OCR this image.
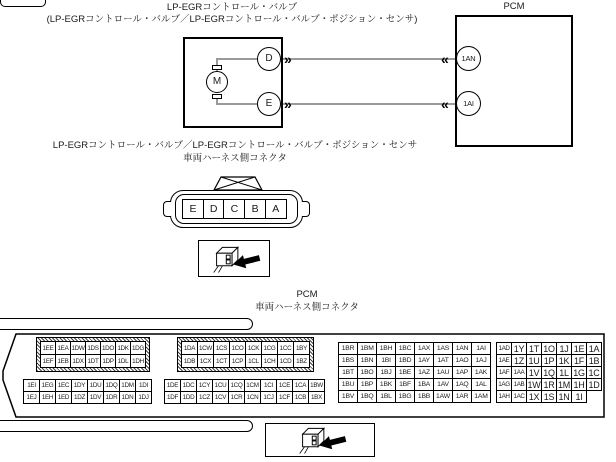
LP-EGRコントロール・バルブ
(LP-EGRコントロール・バルブ／LP-EGRコントロール・バルブ・ポジション・センサ)
PCM
M
D
E
1AN
1AI
»
»
«
«
LP-EGRコントロール・バルブ／LP-EGRコントロール・バルブ・ポジション・センサ
車両ハーネス側コネクタ
E	D	C	B	A
PCM
車両ハーネス側コネクタ
1EE 1EA 1DW 1DS 1DO 1DK 1DG
1EF 1EB 1DX 1DT 1DP 1DL 1DH
1DA 1CW 1CS 1CO 1CK 1CG 1CC 1BY
1DB 1CX 1CT 1CP 1CL 1CH 1CD 1BZ
1EI 1EG 1EC 1DY 1DU 1DQ 1DM 1DI
1EJ 1EH 1ED 1DZ 1DV 1DR 1DN 1DJ
1DE 1DC 1CY 1CU 1CQ 1CM 1CI 1CE 1CA 1BW
1DF 1DD 1CZ 1CV 1CR 1CN 1CJ 1CF 1CB 1BX
1BR 1BM 1BH 1BC 1AX 1AS 1AN	1AI
1BS 1BN	1BI	1BD	1AY	1AT 1AO	1AJ
1BT 1BO	1BJ	1BE	1AZ 1AU 1AP 1AK
1BU 1BP 1BK	1BF	1BA	1AV 1AQ 1AL
1BV 1BQ 1BL 1BG 1BB 1AW 1AR 1AM
1AD 1Y 1T 1O 1J 1E 1A
1AE 1Z 1U 1P 1K 1F 1B
1AF 1AA 1V 1Q 1L 1G 1C
1AG 1AB 1W 1R 1M 1H 1D
1AH 1AC 1X 1S 1N 1I
